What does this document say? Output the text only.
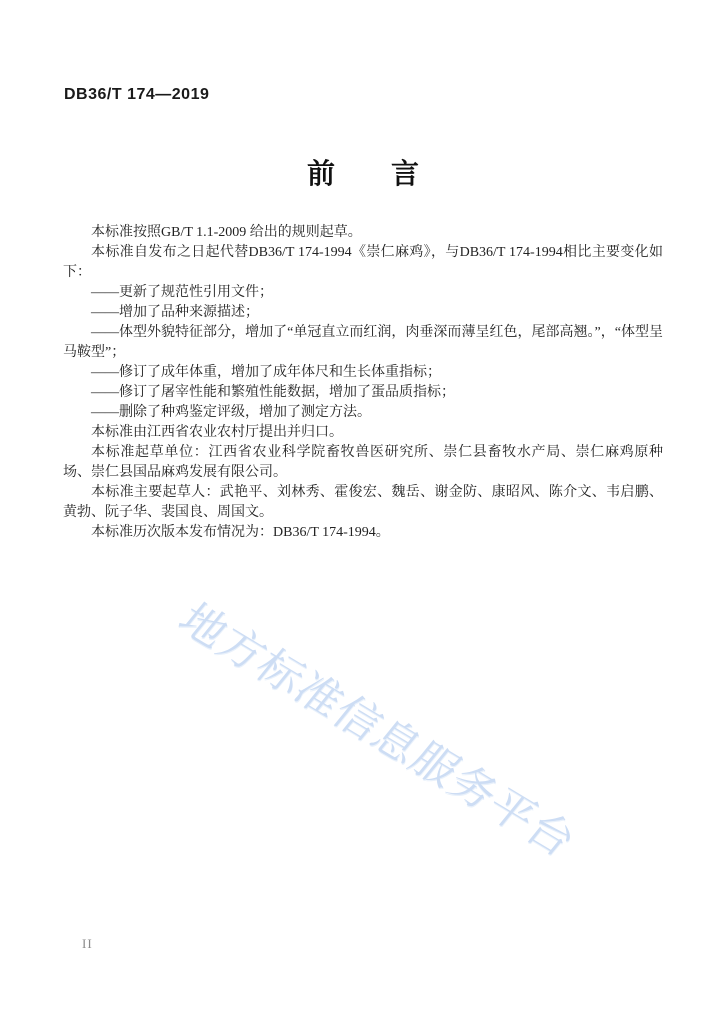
地方标准信息服务平台
DB36/T 174—2019
前　　言

本标准按照GB/T 1.1-2009 给出的规则起草。

本标准自发布之日起代替DB36/T 174-1994《崇仁麻鸡》，与DB36/T 174-1994相比主要变化如下：

——更新了规范性引用文件；

——增加了品种来源描述；

——体型外貌特征部分，增加了“单冠直立而红润，肉垂深而薄呈红色，尾部高翘。”，“体型呈马鞍型”；

——修订了成年体重，增加了成年体尺和生长体重指标；

——修订了屠宰性能和繁殖性能数据，增加了蛋品质指标；

——删除了种鸡鉴定评级，增加了测定方法。

本标准由江西省农业农村厅提出并归口。

本标准起草单位：江西省农业科学院畜牧兽医研究所、崇仁县畜牧水产局、崇仁麻鸡原种场、崇仁县国品麻鸡发展有限公司。

本标准主要起草人：武艳平、刘林秀、霍俊宏、魏岳、谢金防、康昭风、陈介文、韦启鹏、黄勃、阮子华、裴国良、周国文。

本标准历次版本发布情况为：DB36/T 174-1994。

II
